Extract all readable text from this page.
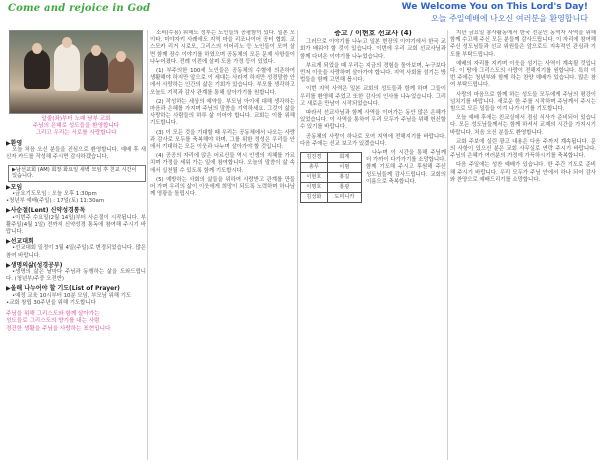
Come and rejoice in God	We Welcome You on This Lord's Day!
오늘 주일예배에 나오신 여러분을 환영합니다
앞줄(좌)부터 노래 남부 교회
주님의 은혜로 성도들을 환영합니다
그리고 우리는 서로를 사랑합니다
▶환영
오늘 처음 오신 분들을 진심으로 환영합니다. 예배 후 새신자 카드를 작성해 주시면 감사하겠습니다.
▶남선교회 (AM) 회장 화요일 새벽 모임 후 친교 시간이 있습니다.
▶모임
•금요기도모임 : 오늘 오후 1:30pm
•청년부 예배(주일) : 17일(토) 11:30am
▶사순절(Lent) 신약성경통독
•이번주 수요일(2월 14일)부터 사순절이 시작됩니다. 부활주일(4월 1일) 전까지 신약성경 통독에 참여해 주시기 바랍니다.
▶선교대회
•선교대회 일정이 3월 4일(주일)로 변경되었습니다. 많은 참여 바랍니다.
▶생명의삶(성경공부)
•생명의 삶은 날마다 주님과 동행하는 삶을 도와드립니다. (청년부/주중 오전반)
▶올해 나누어야 할 기도(List of Prayer)
•예정 교육 10시부터 10분 모임, 부모님 위해 기도
•교회 창립 30주년을 위해 기도합니다
주님을 위해 그리스도와 함께 살아가는
성도들로 그리스도의 향기를 내는 사람
경건한 생활을 주님을 사랑하는 표현입니다
소비(수용) 위해도 정부는 노인들의 공평함이 있다. 일본 오이타, 미야자키 사례에도 지역 마을 리조나이어 공터 협회. 코스모카 리거 시로모, 그리스의 이어리노 등 노인들이 모여 살면 함께 장수 이야기를 하였으며 공동체의 모든 문제 사항들이 나누어졌다. 전례 이전에 살펴 도움 가정 등이 있었다.
(1) 부주의한 100세 노인들은 공동체의 수혈에 의존하여 생활해야 하지만 앞으로 이 세대는 사라져 하지만 성경말씀 안에서 사랑하는 인간의 삶은 기회가 있습니다. 부모를 생각하고 오늘도 기적과 감사 관계를 통해 살아가기를 원합니다.
(2) 작성하는 세상의 예약들. 부모님 아이에 대해 생각하는 마음과 은혜를 가지며 주님의 말씀을 기억하세요. 그것이 삶을 사랑하는 사람들의 하루 삶 이어야 합니다. 교회는 이를 위해 기도합니다.
(3) 이 모든 것을 기대할 때 우리는 공동체에서 나오는 사랑과 감사로 모두를 축복해야 하며, 그를 위한 정성은 우리들 안에서 기대하는 모든 이웃과 나누며 살아가야 할 것입니다.
(4) 공공의 자리에 앉은 어르신들 역시 인생의 지혜를 가르치며 가정을 세워 가는 일에 참여합니다. 오늘의 말씀이 삶 속에서 실천될 수 있도록 함께 기도합시다.
(5) 예방하는 사회의 삶들을 위하여 사랑받고 관계를 만들어 가며 우리의 삶이 이웃에게 희망이 되도록 노력하며 하나님께 영광을 돌립시다.
증고 / 이현호 선교사 (4)
그러므로 이야기를 나누고 일본 현장의 이야기에서 한국 교회가 배워야 할 것이 있습니다. 이번에 우리 교회 선교사님과 함께 다녀온 이야기를 나누었습니다.
부르게 되었을 때 우리는 지금의 경험을 돌아보며, 누구보다 먼저 이웃을 사랑하며 살아가야 합니다. 지역 사회를 섬기는 방법들을 함께 고민해 봅시다.
이번 지역 사역은 일본 교회의 성도들과 함께 하며 그들이 우리를 환영해 주었고 또한 감사의 인사를 나누었습니다. 그리고 새로운 만남이 시작되었습니다.
따라서 선교사님과 함께 사역을 이어가는 동안 많은 은혜가 있었습니다. 이 사역을 통하여 우리 모두가 주님을 위해 헌신할 수 있기를 바랍니다.
공동체의 사랑이 하나로 모여 지역에 전해지기를 바랍니다. 다음 주에는 선교 보고가 있겠습니다.
김진경	회계
총무	이범
이현호	홍길
이명호	홍광
김성화	도미니카
나누며 이 시간을 통해 주님께 더 가까이 다가가기를 소망합니다. 함께 기도해 주시고 후원해 주신 성도님들께 감사드립니다. 교회의 이름으로 축복합니다.
지난 금요일 봉사활동에서 한국 전문인 동역자 사역을 위해 함께 수고해 주신 모든 분들께 감사드립니다. 이 자리에 참여해 주신 성도님들과 선교 위원들은 앞으로도 지속적인 관심과 기도를 부탁드립니다.
예배의 자리를 지키며 이웃을 섬기는 사역이 계속될 것입니다. 이 땅에 그리스도의 사랑이 전해지기를 원합니다. 특히 이번 주에는 청년부와 함께 하는 찬양 예배가 있습니다. 많은 참여 부탁드립니다.
사랑의 마음으로 함께 하는 성도들 모두에게 주님의 평강이 넘치기를 바랍니다. 새로운 한 주를 시작하며 주님께서 주시는 힘으로 모든 일들을 이겨 나가시기를 기도합니다.
오늘 예배 후에는 친교실에서 점심 식사가 준비되어 있습니다. 모든 성도님들께서는 함께 하셔서 교제의 시간을 가지시기 바랍니다. 처음 오신 분들도 환영합니다.
교회 주보에 실린 광고 내용은 다음 주까지 계속됩니다. 문의 사항이 있으신 분은 교회 사무실로 연락 주시기 바랍니다. 주님의 은혜가 여러분의 가정에 가득하시기를 축복합니다.
다음 주일에는 성찬 예배가 있습니다. 한 주간 기도로 준비해 주시기 바랍니다. 우리 모두가 주님 안에서 하나 되어 감사와 찬양으로 예배드리기를 소망합니다.
